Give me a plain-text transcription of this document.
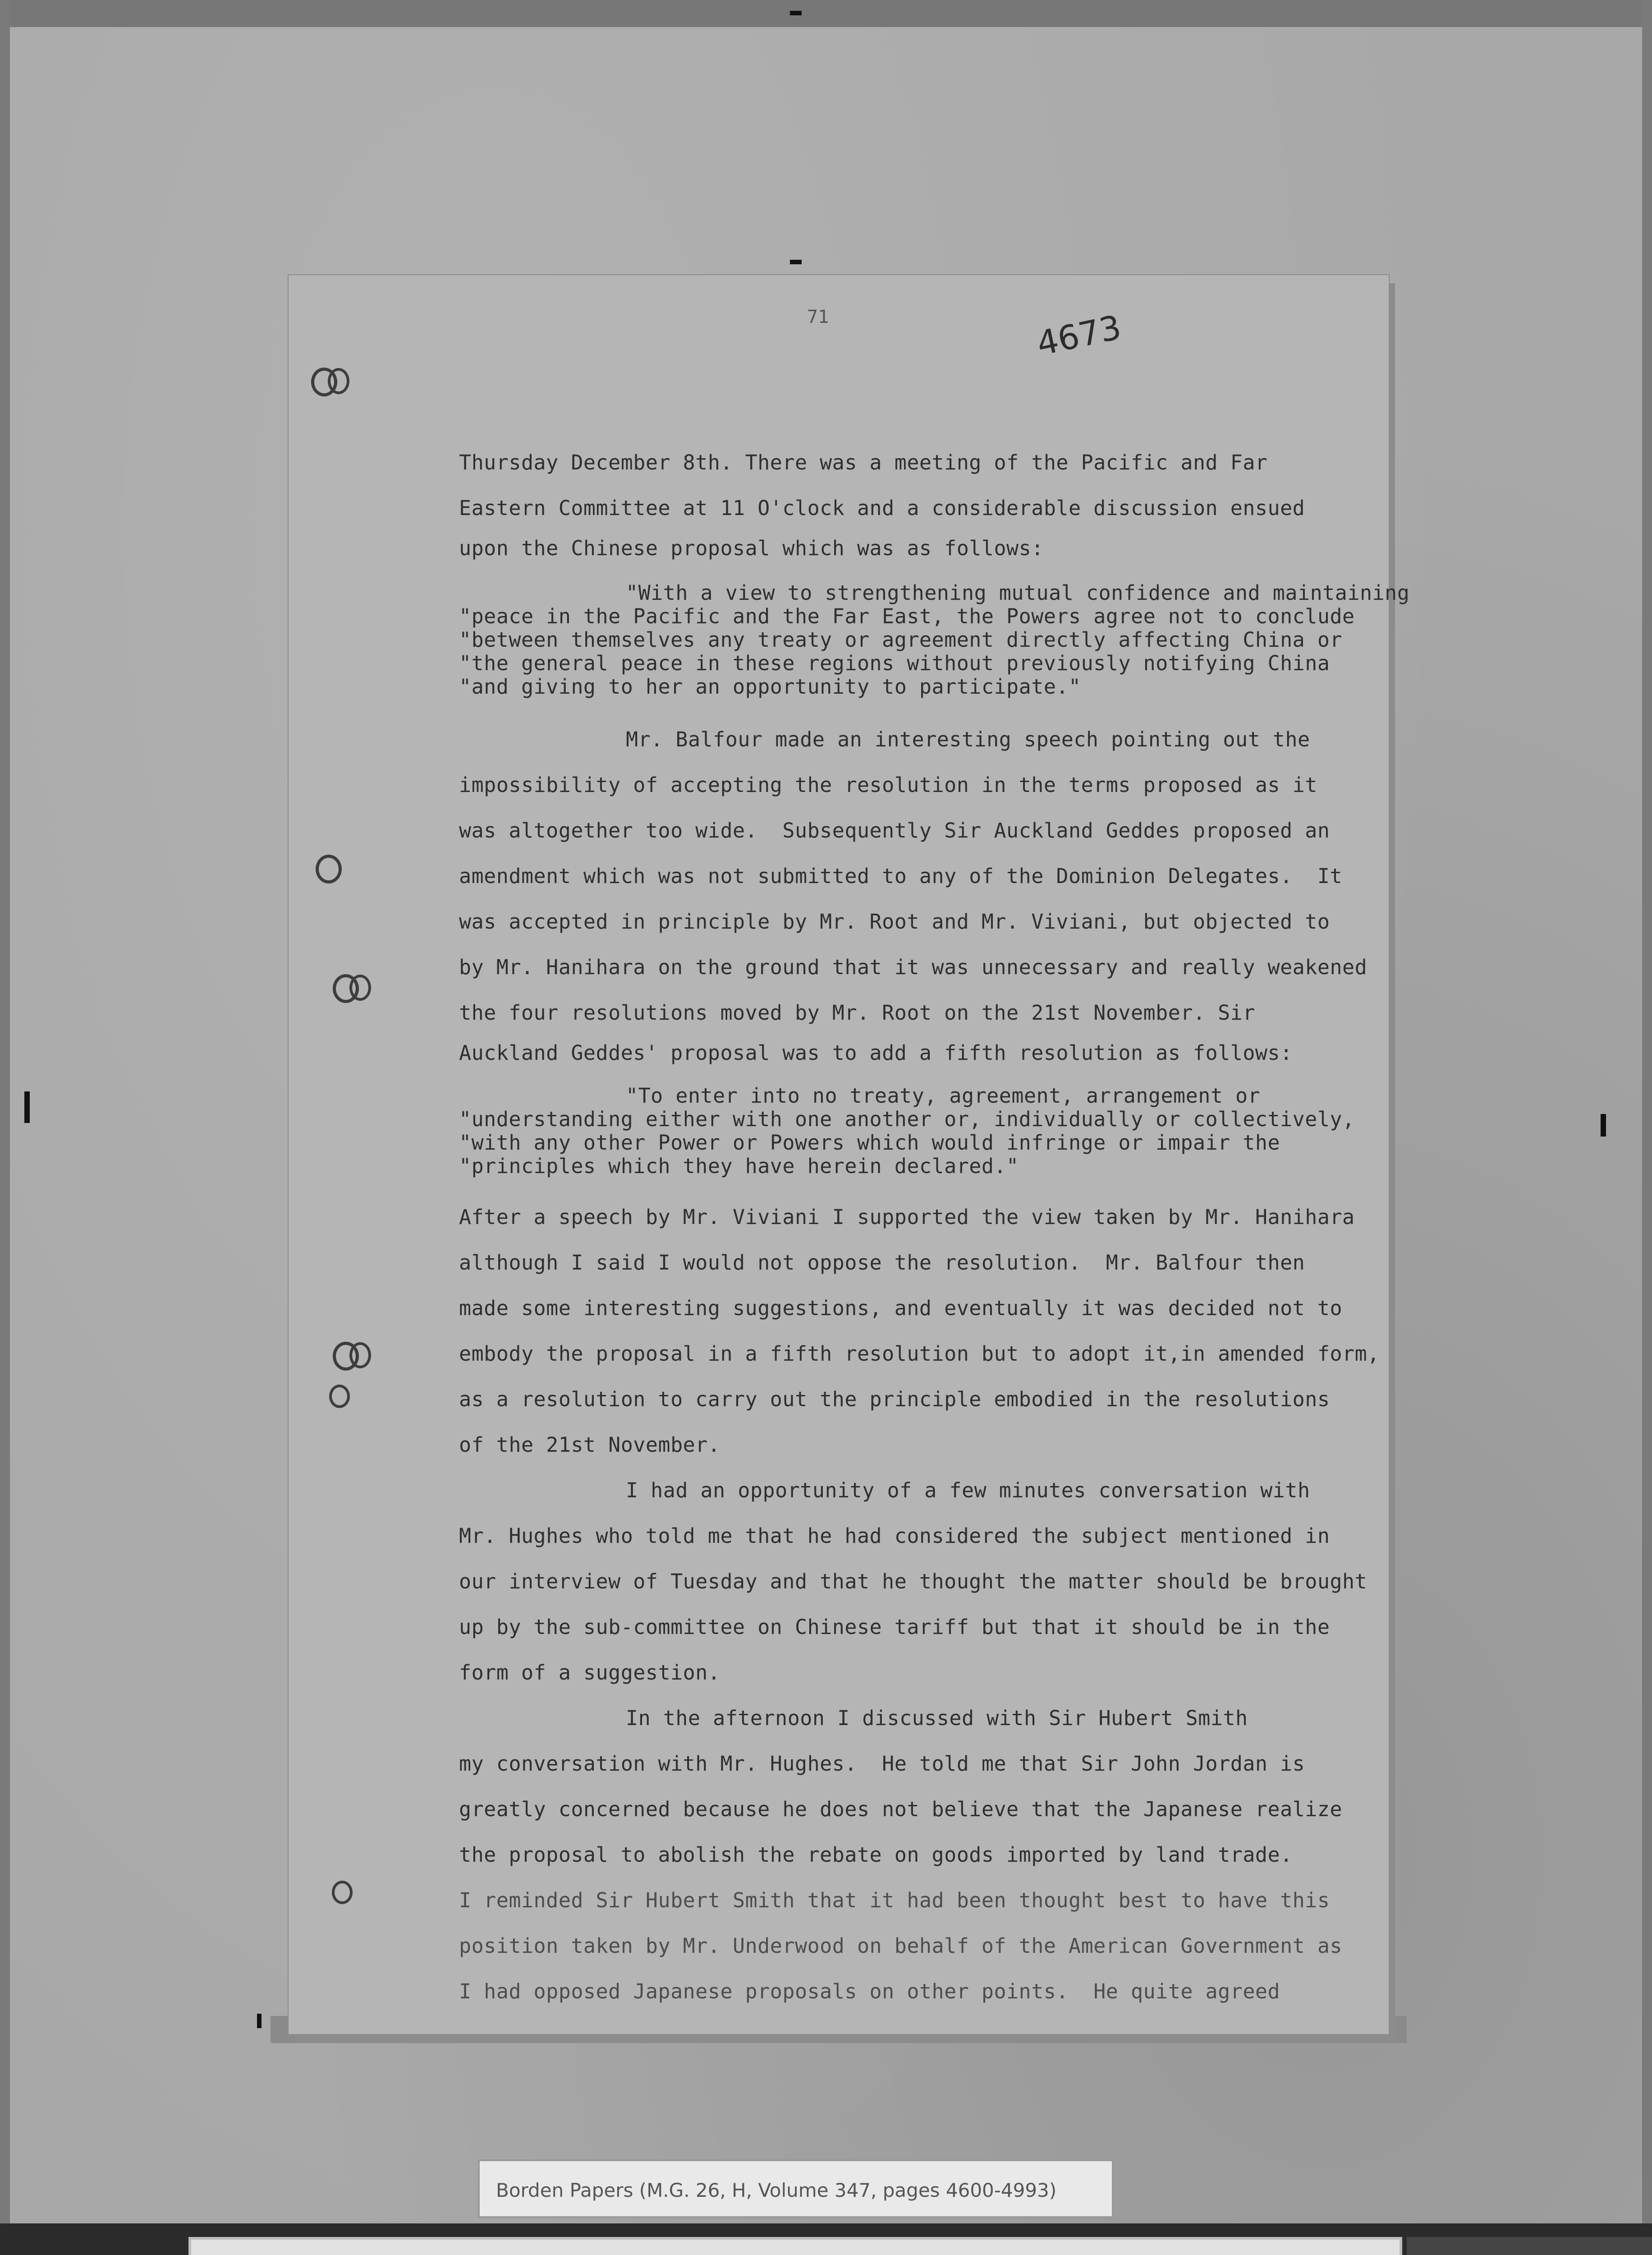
71	4673
Thursday December 8th. There was a meeting of the Pacific and Far
Eastern Committee at 11 O'clock and a considerable discussion ensued
upon the Chinese proposal which was as follows:
"With a view to strengthening mutual confidence and maintaining
"peace in the Pacific and the Far East, the Powers agree not to conclude
"between themselves any treaty or agreement directly affecting China or
"the general peace in these regions without previously notifying China
"and giving to her an opportunity to participate."
Mr. Balfour made an interesting speech pointing out the
impossibility of accepting the resolution in the terms proposed as it
was altogether too wide.  Subsequently Sir Auckland Geddes proposed an
amendment which was not submitted to any of the Dominion Delegates.  It
was accepted in principle by Mr. Root and Mr. Viviani, but objected to
by Mr. Hanihara on the ground that it was unnecessary and really weakened
the four resolutions moved by Mr. Root on the 21st November. Sir
Auckland Geddes' proposal was to add a fifth resolution as follows:
"To enter into no treaty, agreement, arrangement or
"understanding either with one another or, individually or collectively,
"with any other Power or Powers which would infringe or impair the
"principles which they have herein declared."
After a speech by Mr. Viviani I supported the view taken by Mr. Hanihara
although I said I would not oppose the resolution.  Mr. Balfour then
made some interesting suggestions, and eventually it was decided not to
embody the proposal in a fifth resolution but to adopt it,in amended form,
as a resolution to carry out the principle embodied in the resolutions
of the 21st November.
I had an opportunity of a few minutes conversation with
Mr. Hughes who told me that he had considered the subject mentioned in
our interview of Tuesday and that he thought the matter should be brought
up by the sub-committee on Chinese tariff but that it should be in the
form of a suggestion.
In the afternoon I discussed with Sir Hubert Smith
my conversation with Mr. Hughes.  He told me that Sir John Jordan is
greatly concerned because he does not believe that the Japanese realize
the proposal to abolish the rebate on goods imported by land trade.
I reminded Sir Hubert Smith that it had been thought best to have this
position taken by Mr. Underwood on behalf of the American Government as
I had opposed Japanese proposals on other points.  He quite agreed
Borden Papers (M.G. 26, H, Volume 347, pages 4600-4993)
